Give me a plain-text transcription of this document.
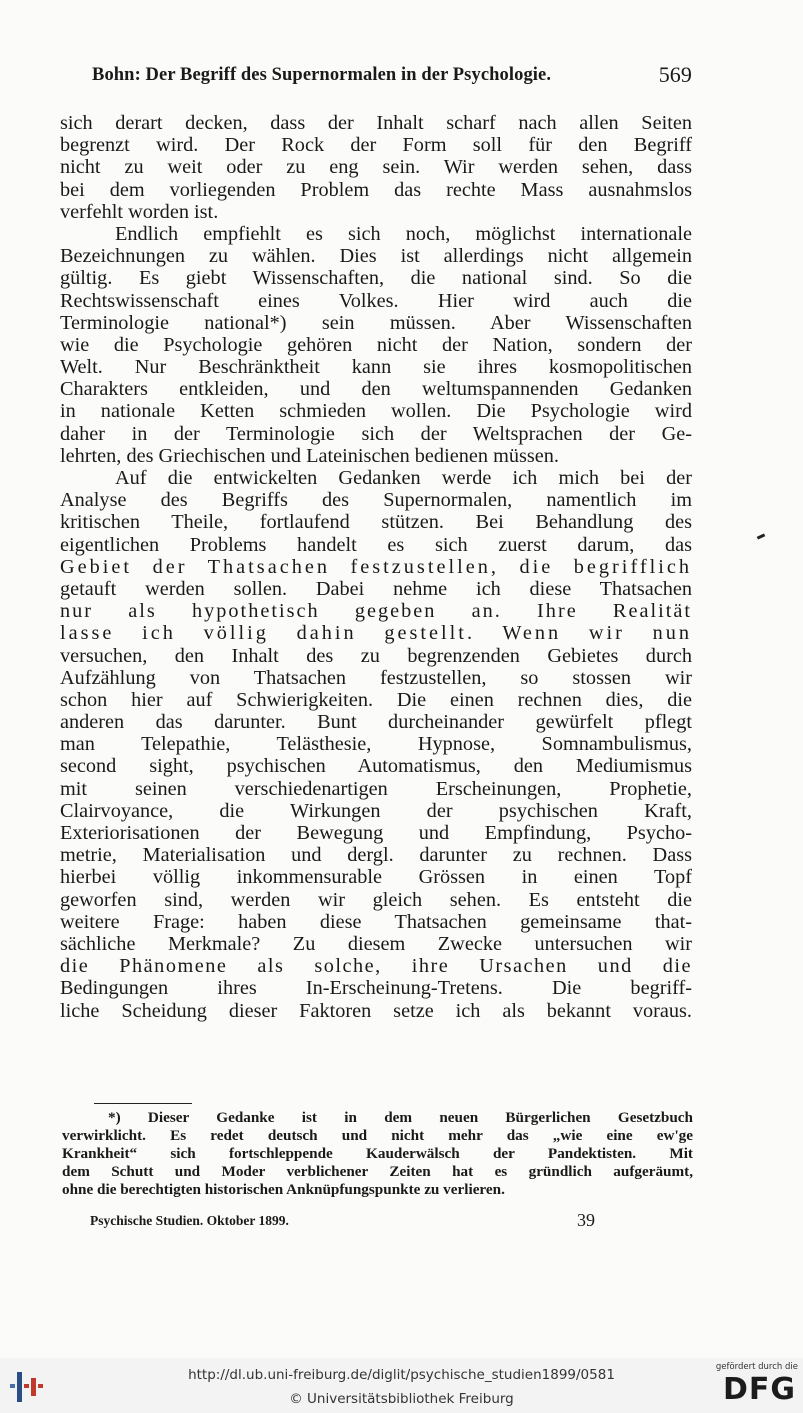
Bohn: Der Begriff des Supernormalen in der Psychologie.	569
sich derart decken, dass der Inhalt scharf nach allen Seiten
begrenzt wird. Der Rock der Form soll für den Begriff
nicht zu weit oder zu eng sein. Wir werden sehen, dass
bei dem vorliegenden Problem das rechte Mass ausnahmslos
verfehlt worden ist.
Endlich empfiehlt es sich noch, möglichst internationale
Bezeichnungen zu wählen. Dies ist allerdings nicht allgemein
gültig. Es giebt Wissenschaften, die national sind. So die
Rechtswissenschaft eines Volkes. Hier wird auch die
Terminologie national*) sein müssen. Aber Wissenschaften
wie die Psychologie gehören nicht der Nation, sondern der
Welt. Nur Beschränktheit kann sie ihres kosmopolitischen
Charakters entkleiden, und den weltumspannenden Gedanken
in nationale Ketten schmieden wollen. Die Psychologie wird
daher in der Terminologie sich der Weltsprachen der Ge-
lehrten, des Griechischen und Lateinischen bedienen müssen.
Auf die entwickelten Gedanken werde ich mich bei der
Analyse des Begriffs des Supernormalen, namentlich im
kritischen Theile, fortlaufend stützen. Bei Behandlung des
eigentlichen Problems handelt es sich zuerst darum, das
Gebiet der Thatsachen festzustellen, die begrifflich
getauft werden sollen. Dabei nehme ich diese Thatsachen
nur als hypothetisch gegeben an. Ihre Realität
lasse ich völlig dahin gestellt. Wenn wir nun
versuchen, den Inhalt des zu begrenzenden Gebietes durch
Aufzählung von Thatsachen festzustellen, so stossen wir
schon hier auf Schwierigkeiten. Die einen rechnen dies, die
anderen das darunter. Bunt durcheinander gewürfelt pflegt
man Telepathie, Telästhesie, Hypnose, Somnambulismus,
second sight, psychischen Automatismus, den Mediumismus
mit seinen verschiedenartigen Erscheinungen, Prophetie,
Clairvoyance, die Wirkungen der psychischen Kraft,
Exteriorisationen der Bewegung und Empfindung, Psycho-
metrie, Materialisation und dergl. darunter zu rechnen. Dass
hierbei völlig inkommensurable Grössen in einen Topf
geworfen sind, werden wir gleich sehen. Es entsteht die
weitere Frage: haben diese Thatsachen gemeinsame that-
sächliche Merkmale? Zu diesem Zwecke untersuchen wir
die Phänomene als solche, ihre Ursachen und die
Bedingungen ihres In-Erscheinung-Tretens. Die begriff-
liche Scheidung dieser Faktoren setze ich als bekannt voraus.
*) Dieser Gedanke ist in dem neuen Bürgerlichen Gesetzbuch
verwirklicht. Es redet deutsch und nicht mehr das „wie eine ew'ge
Krankheit“ sich fortschleppende Kauderwälsch der Pandektisten. Mit
dem Schutt und Moder verblichener Zeiten hat es gründlich aufgeräumt,
ohne die berechtigten historischen Anknüpfungspunkte zu verlieren.
Psychische Studien. Oktober 1899.	39
http://dl.ub.uni-freiburg.de/diglit/psychische_studien1899/0581
© Universitätsbibliothek Freiburg
gefördert durch die
DFG
